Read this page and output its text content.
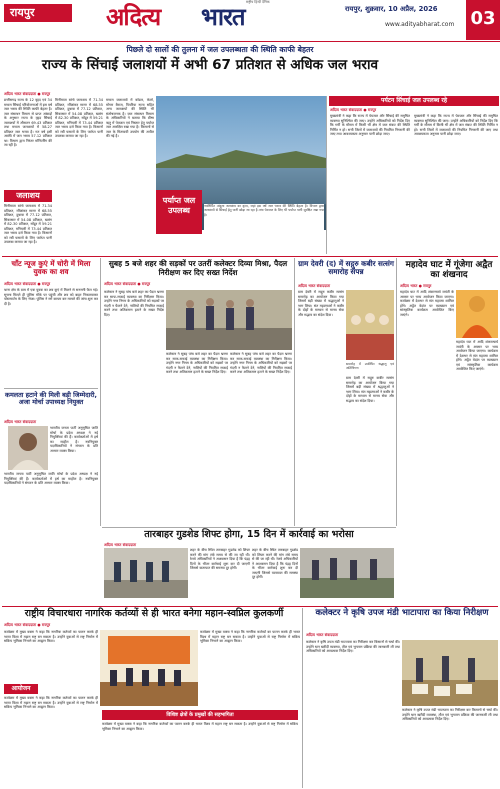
रायपुर	अदित्य भारत राष्ट्रीय हिन्दी दैनिक
रायपुर, शुक्रवार, 10 अप्रैल, 2026
www.adityabharat.com 03
पिछले दो सालों की तुलना में जल उपलब्धता की स्थिति काफी बेहतर
राज्य के सिंचाई जलाशयों में अभी 67 प्रतिशत से अधिक जल भराव
अदित्य भारत संवाददाता ● रायपुर
छत्तीसगढ़ राज्य के 12 वृहद एवं 34 मध्यम सिंचाई परियोजनाओं में इस वर्ष जल भराव की स्थिति काफी बेहतर है। जल संसाधन विभाग से प्राप्त आंकड़ों के अनुसार राज्य के वृहद सिंचाई जलाशयों में औसतन 69.43 प्रतिशत तथा मध्यम जलाशयों में 58.27 प्रतिशत जल भराव है। गत वर्ष इसी अवधि में जल भराव 57.12 प्रतिशत था। विभाग द्वारा निरंतर मॉनिटरिंग की जा रही है।
जलाशय
मिनीमाता बांगो जलाशय में 71.34 प्रतिशत, रविशंकर सागर में 68.55 प्रतिशत, दुधावा में 77.12 प्रतिशत, सिकासार में 54.08 प्रतिशत, खारंग में 82.30 प्रतिशत, सोंढूर में 59.21 प्रतिशत, मनियारी में 73.44 प्रतिशत जल भराव दर्ज किया गया है। किसानों को रबी फसलों के लिए पर्याप्त पानी उपलब्ध कराया जा रहा है।
मिनीमाता बांगो जलाशय में 71.34 प्रतिशत, रविशंकर सागर में 68.55 प्रतिशत, दुधावा में 77.12 प्रतिशत, सिकासार में 54.08 प्रतिशत, खारंग में 82.30 प्रतिशत, सोंढूर में 59.21 प्रतिशत, मनियारी में 73.44 प्रतिशत जल भराव दर्ज किया गया है। किसानों को रबी फसलों के लिए पर्याप्त पानी उपलब्ध कराया जा रहा है।
मध्यम जलाशयों में कोडार, केलो, मोंगरा बैराज, पिपरिया नाला सहित अन्य जलाशयों की स्थिति भी संतोषजनक है। जल संसाधन विभाग के अधिकारियों ने बताया कि ग्रीष्म ऋतु में पेयजल एवं निस्तार हेतु पर्याप्त जल आरक्षित रखा गया है। किसानों से जल के मितव्ययी उपयोग की अपील की गई है।
पर्याप्त जल उपलब्ध
नवनिर्मित तांदुला जलाशय का दृश्य, जहां इस वर्ष जल भराव की स्थिति बेहतर है। विभाग द्वारा जलाशयों से सिंचाई हेतु पानी छोड़ा जा रहा है तथा पेयजल के लिए भी पर्याप्त पानी सुरक्षित रखा गया है।
पर्यटन सिंचाई जल उपलब्ध रहे
अदित्य भारत संवाददाता ● रायपुर
मुख्यमंत्री ने कहा कि राज्य में पेयजल और सिंचाई की समुचित व्यवस्था सुनिश्चित की जाए। उन्होंने अधिकारियों को निर्देश दिए कि गर्मी के मौसम में किसी भी क्षेत्र में जल संकट की स्थिति निर्मित न हो। सभी जिलों में जलाशयों की नियमित निगरानी की जाए तथा आवश्यकता अनुसार पानी छोड़ा जाए।
मुख्यमंत्री ने कहा कि राज्य में पेयजल और सिंचाई की समुचित व्यवस्था सुनिश्चित की जाए। उन्होंने अधिकारियों को निर्देश दिए कि गर्मी के मौसम में किसी भी क्षेत्र में जल संकट की स्थिति निर्मित न हो। सभी जिलों में जलाशयों की नियमित निगरानी की जाए तथा आवश्यकता अनुसार पानी छोड़ा जाए।
चाँट न्यूज कुएं में चोरी में मिला युवक का शव
अदित्य भारत संवाददाता ● रायपुर
थाना क्षेत्र के ग्राम में एक युवक का शव कुएं में मिलने से सनसनी फैल गई। सूचना मिलते ही पुलिस मौके पर पहुंची और शव को बाहर निकलवाकर पोस्टमार्टम के लिए भेजा। पुलिस ने मर्ग कायम कर मामले की जांच शुरू कर दी है।
कमलता हटाने की मिली बड़ी जिम्मेदारी, अजा मोर्चा उपाध्यक्ष नियुक्त
अदित्य भारत संवाददाता
भारतीय जनता पार्टी अनुसूचित जाति मोर्चा के प्रदेश अध्यक्ष ने नई नियुक्तियां की हैं। कार्यकर्ताओं में हर्ष का माहौल है। नवनियुक्त पदाधिकारियों ने संगठन के प्रति आभार व्यक्त किया।
भारतीय जनता पार्टी अनुसूचित जाति मोर्चा के प्रदेश अध्यक्ष ने नई नियुक्तियां की हैं। कार्यकर्ताओं में हर्ष का माहौल है। नवनियुक्त पदाधिकारियों ने संगठन के प्रति आभार व्यक्त किया।
सुबह 5 बजे शहर की सड़कों पर उतरीं कलेक्टर दिव्या मिश्रा, पैदल निरीक्षण कर दिए सख्त निर्देश
अदित्य भारत संवाददाता ● रायपुर
कलेक्टर ने सुबह पांच बजे शहर का पैदल भ्रमण कर साफ-सफाई व्यवस्था का निरीक्षण किया। उन्होंने नगर निगम के अधिकारियों को सड़कों पर गंदगी न फैलने देने, नालियों की नियमित सफाई करने तथा अतिक्रमण हटाने के सख्त निर्देश दिए।
कलेक्टर ने सुबह पांच बजे शहर का पैदल भ्रमण कर साफ-सफाई व्यवस्था का निरीक्षण किया। उन्होंने नगर निगम के अधिकारियों को सड़कों पर गंदगी न फैलने देने, नालियों की नियमित सफाई करने तथा अतिक्रमण हटाने के सख्त निर्देश दिए।
कलेक्टर ने सुबह पांच बजे शहर का पैदल भ्रमण कर साफ-सफाई व्यवस्था का निरीक्षण किया। उन्होंने नगर निगम के अधिकारियों को सड़कों पर गंदगी न फैलने देने, नालियों की नियमित सफाई करने तथा अतिक्रमण हटाने के सख्त निर्देश दिए।
ग्राम देवरी (द) में सद्गुरु कबीर सत्संग समारोह संपन्न
अदित्य भारत संवाददाता
ग्राम देवरी में सद्गुरु कबीर सत्संग समारोह का आयोजन किया गया जिसमें बड़ी संख्या में श्रद्धालुओं ने भाग लिया। संत महात्माओं ने कबीर के दोहों के माध्यम से मानव सेवा और सद्भाव का संदेश दिया।
समारोह में उपस्थित श्रद्धालु एवं अतिथिगण
ग्राम देवरी में सद्गुरु कबीर सत्संग समारोह का आयोजन किया गया जिसमें बड़ी संख्या में श्रद्धालुओं ने भाग लिया। संत महात्माओं ने कबीर के दोहों के माध्यम से मानव सेवा और सद्भाव का संदेश दिया।
महादेव घाट में गूंजेगा अद्वैत का शंखनाद
अदित्य भारत ● रायपुर
महादेव घाट में आदि शंकराचार्य जयंती के अवसर पर भव्य आयोजन किया जाएगा। कार्यक्रम में देशभर से संत महात्मा शामिल होंगे। अद्वैत वेदांत पर व्याख्यान एवं सांस्कृतिक कार्यक्रम आयोजित किए जाएंगे।
महादेव घाट में आदि शंकराचार्य जयंती के अवसर पर भव्य आयोजन किया जाएगा। कार्यक्रम में देशभर से संत महात्मा शामिल होंगे। अद्वैत वेदांत पर व्याख्यान एवं सांस्कृतिक कार्यक्रम आयोजित किए जाएंगे।
तारबाहर गुडशेड शिफ्ट होगा, 15 दिन में कार्रवाई का भरोसा
अदित्य भारत संवाददाता
शहर के बीच स्थित तारबाहर गुडशेड को शिफ्ट करने की मांग लंबे समय से की जा रही थी। रेलवे अधिकारियों ने आश्वासन दिया है कि पंद्रह दिनों के भीतर कार्रवाई शुरू कर दी जाएगी जिससे यातायात की समस्या दूर होगी।
शहर के बीच स्थित तारबाहर गुडशेड को शिफ्ट करने की मांग लंबे समय से की जा रही थी। रेलवे अधिकारियों ने आश्वासन दिया है कि पंद्रह दिनों के भीतर कार्रवाई शुरू कर दी जाएगी जिससे यातायात की समस्या दूर होगी।
राष्ट्रीय विचारधारा नागरिक कर्तव्यों से ही भारत बनेगा महान-स्वप्निल कुलकर्णी
अदित्य भारत संवाददाता ● रायपुर
कार्यक्रम में मुख्य वक्ता ने कहा कि नागरिक कर्तव्यों का पालन करके ही भारत विश्व में महान राष्ट्र बन सकता है। उन्होंने युवाओं से राष्ट्र निर्माण में सक्रिय भूमिका निभाने का आह्वान किया।
आयोजन
कार्यक्रम में मुख्य वक्ता ने कहा कि नागरिक कर्तव्यों का पालन करके ही भारत विश्व में महान राष्ट्र बन सकता है। उन्होंने युवाओं से राष्ट्र निर्माण में सक्रिय भूमिका निभाने का आह्वान किया।
कार्यक्रम में मुख्य वक्ता ने कहा कि नागरिक कर्तव्यों का पालन करके ही भारत विश्व में महान राष्ट्र बन सकता है। उन्होंने युवाओं से राष्ट्र निर्माण में सक्रिय भूमिका निभाने का आह्वान किया।
विशिष्ट क्षेत्रों के प्रमुखों की सहभागिता
कार्यक्रम में मुख्य वक्ता ने कहा कि नागरिक कर्तव्यों का पालन करके ही भारत विश्व में महान राष्ट्र बन सकता है। उन्होंने युवाओं से राष्ट्र निर्माण में सक्रिय भूमिका निभाने का आह्वान किया।
कलेक्टर ने कृषि उपज मंडी भाटापारा का किया निरीक्षण
अदित्य भारत संवाददाता
कलेक्टर ने कृषि उपज मंडी भाटापारा का निरीक्षण कर किसानों से चर्चा की। उन्होंने धान खरीदी व्यवस्था, तौल एवं भुगतान प्रक्रिया की जानकारी ली तथा अधिकारियों को आवश्यक निर्देश दिए।
कलेक्टर ने कृषि उपज मंडी भाटापारा का निरीक्षण कर किसानों से चर्चा की। उन्होंने धान खरीदी व्यवस्था, तौल एवं भुगतान प्रक्रिया की जानकारी ली तथा अधिकारियों को आवश्यक निर्देश दिए।
